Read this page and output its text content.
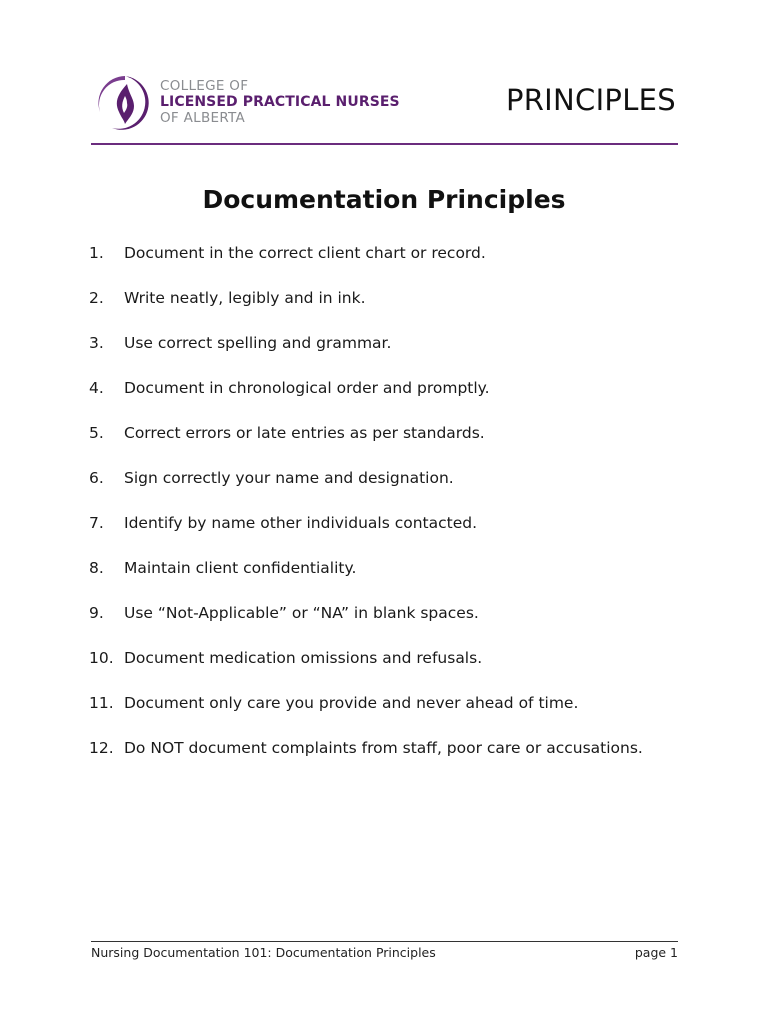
COLLEGE OF
LICENSED PRACTICAL NURSES
OF ALBERTA
PRINCIPLES
Documentation Principles
1. Document in the correct client chart or record.
2. Write neatly, legibly and in ink.
3. Use correct spelling and grammar.
4. Document in chronological order and promptly.
5. Correct errors or late entries as per standards.
6. Sign correctly your name and designation.
7. Identify by name other individuals contacted.
8. Maintain client confidentiality.
9. Use “Not-Applicable” or “NA” in blank spaces.
10. Document medication omissions and refusals.
11. Document only care you provide and never ahead of time.
12. Do NOT document complaints from staff, poor care or accusations.
Nursing Documentation 101: Documentation Principles	page 1
